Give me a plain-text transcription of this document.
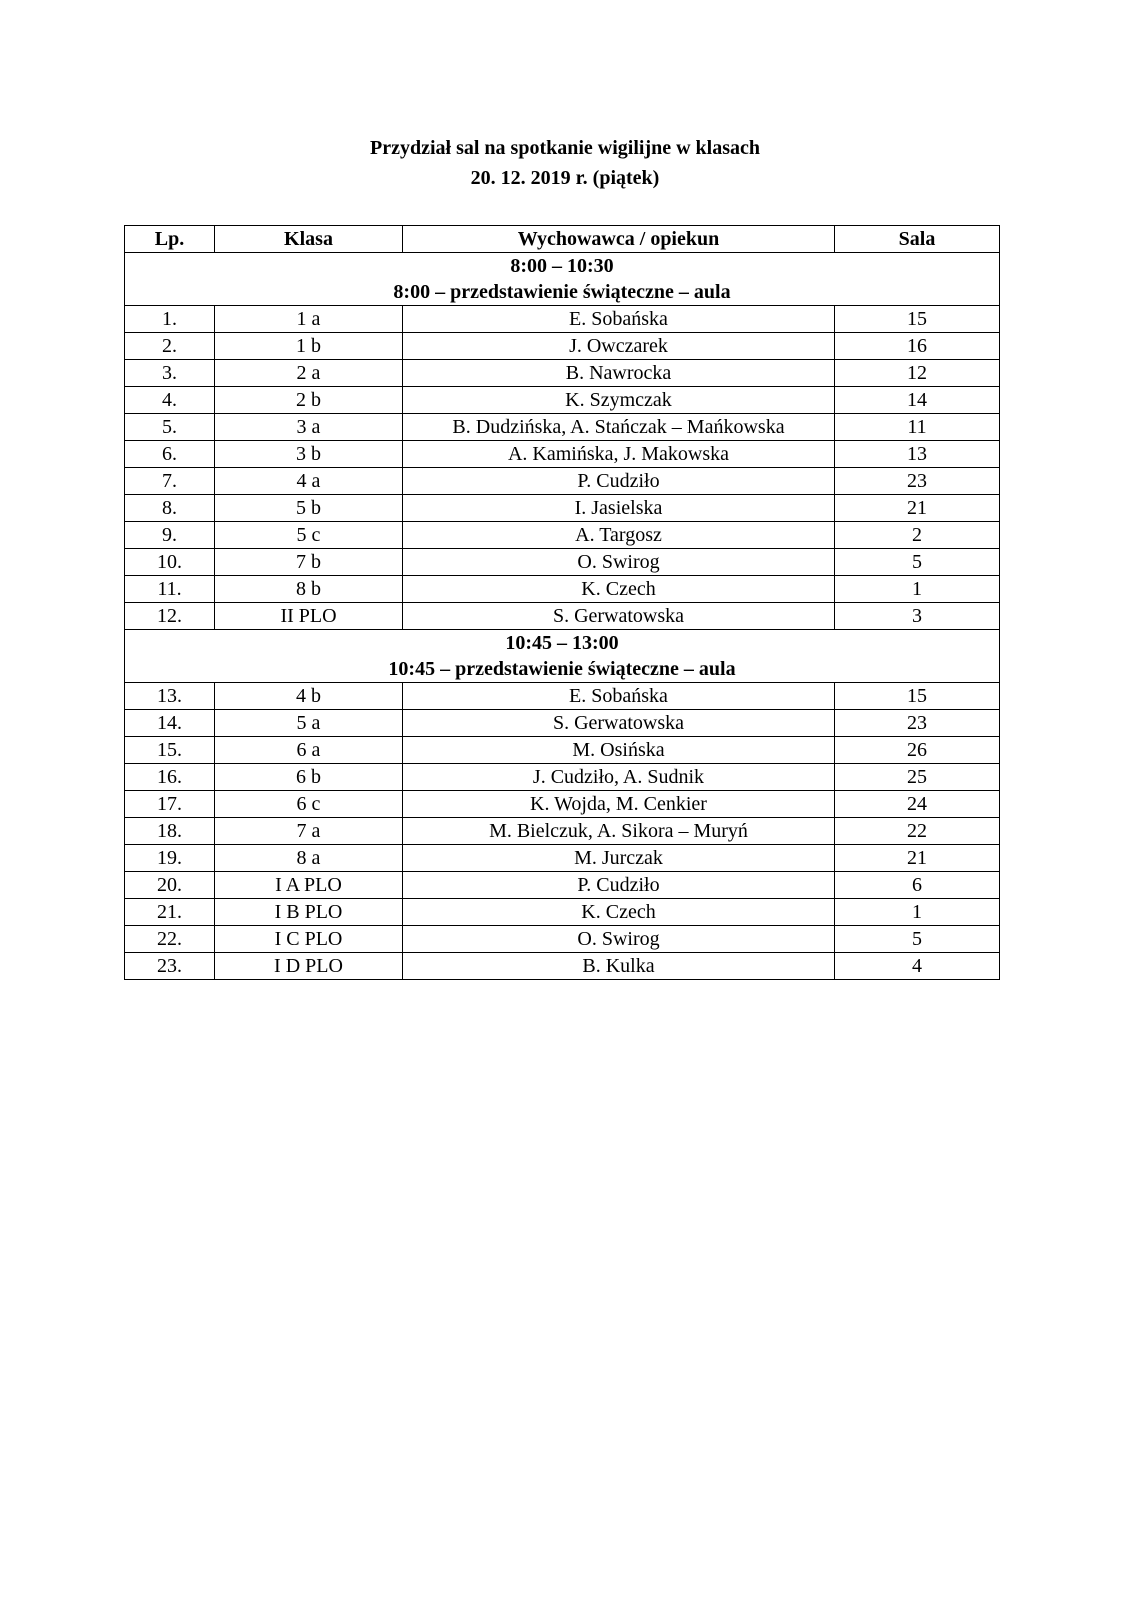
Przydział sal na spotkanie wigilijne w klasach
20. 12. 2019 r. (piątek)
Lp.	Klasa	Wychowawca / opiekun	Sala

8:00 – 10:30
8:00 – przedstawienie świąteczne – aula			

1.	1 a	E. Sobańska	15
2.	1 b	J. Owczarek	16
3.	2 a	B. Nawrocka	12
4.	2 b	K. Szymczak	14
5.	3 a	B. Dudzińska, A. Stańczak – Mańkowska	11
6.	3 b	A. Kamińska, J. Makowska	13
7.	4 a	P. Cudziło	23
8.	5 b	I. Jasielska	21
9.	5 c	A. Targosz	2
10.	7 b	O. Swirog	5
11.	8 b	K. Czech	1
12.	II PLO	S. Gerwatowska	3

10:45 – 13:00
10:45 – przedstawienie świąteczne – aula			

13.	4 b	E. Sobańska	15
14.	5 a	S. Gerwatowska	23
15.	6 a	M. Osińska	26
16.	6 b	J. Cudziło, A. Sudnik	25
17.	6 c	K. Wojda, M. Cenkier	24
18.	7 a	M. Bielczuk, A. Sikora – Muryń	22
19.	8 a	M. Jurczak	21
20.	I A PLO	P. Cudziło	6
21.	I B PLO	K. Czech	1
22.	I C PLO	O. Swirog	5
23.	I D PLO	B. Kulka	4
